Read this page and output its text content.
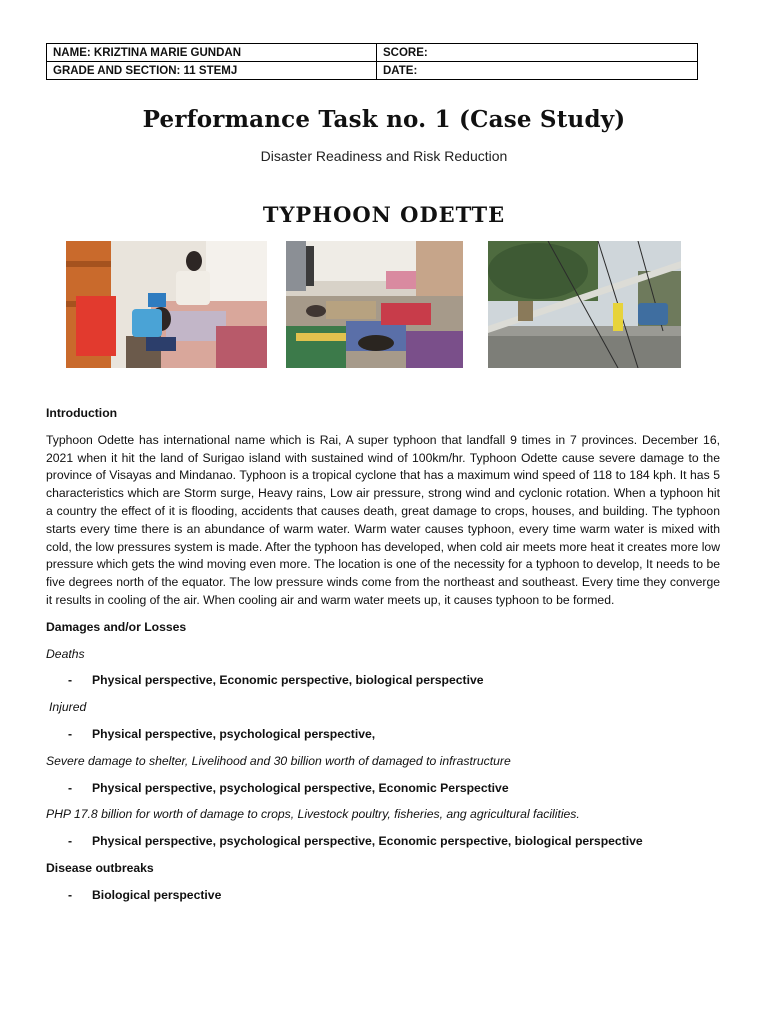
NAME: KRIZTINA MARIE GUNDAN	SCORE:
GRADE AND SECTION: 11 STEMJ	DATE:
Performance Task no. 1 (Case Study)
Disaster Readiness and Risk Reduction
TYPHOON ODETTE
Introduction
Typhoon Odette has international name which is Rai, A super typhoon that landfall 9 times in 7 provinces. December 16, 2021 when it hit the land of Surigao island with sustained wind of 100km/hr. Typhoon Odette cause severe damage to the province of Visayas and Mindanao. Typhoon is a tropical cyclone that has a maximum wind speed of 118 to 184 kph. It has 5 characteristics which are Storm surge, Heavy rains, Low air pressure, strong wind and cyclonic rotation. When a typhoon hit a country the effect of it is flooding, accidents that causes death, great damage to crops, houses, and building. The typhoon starts every time there is an abundance of warm water. Warm water causes typhoon, every time warm water is mixed with cold, the low pressures system is made. After the typhoon has developed, when cold air meets more heat it creates more low pressure which gets the wind moving even more. The location is one of the necessity for a typhoon to develop, It needs to be five degrees north of the equator. The low pressure winds come from the northeast and southeast. Every time they converge it results in cooling of the air. When cooling air and warm water meets up, it causes typhoon to be formed.
Damages and/or Losses
Deaths
-	Physical perspective, Economic perspective, biological perspective
Injured
-	Physical perspective, psychological perspective,
Severe damage to shelter, Livelihood and 30 billion worth of damaged to infrastructure
-	Physical perspective, psychological perspective, Economic Perspective
PHP 17.8 billion for worth of damage to crops, Livestock poultry, fisheries, ang agricultural facilities.
-	Physical perspective, psychological perspective, Economic perspective, biological perspective
Disease outbreaks
-	Biological perspective
